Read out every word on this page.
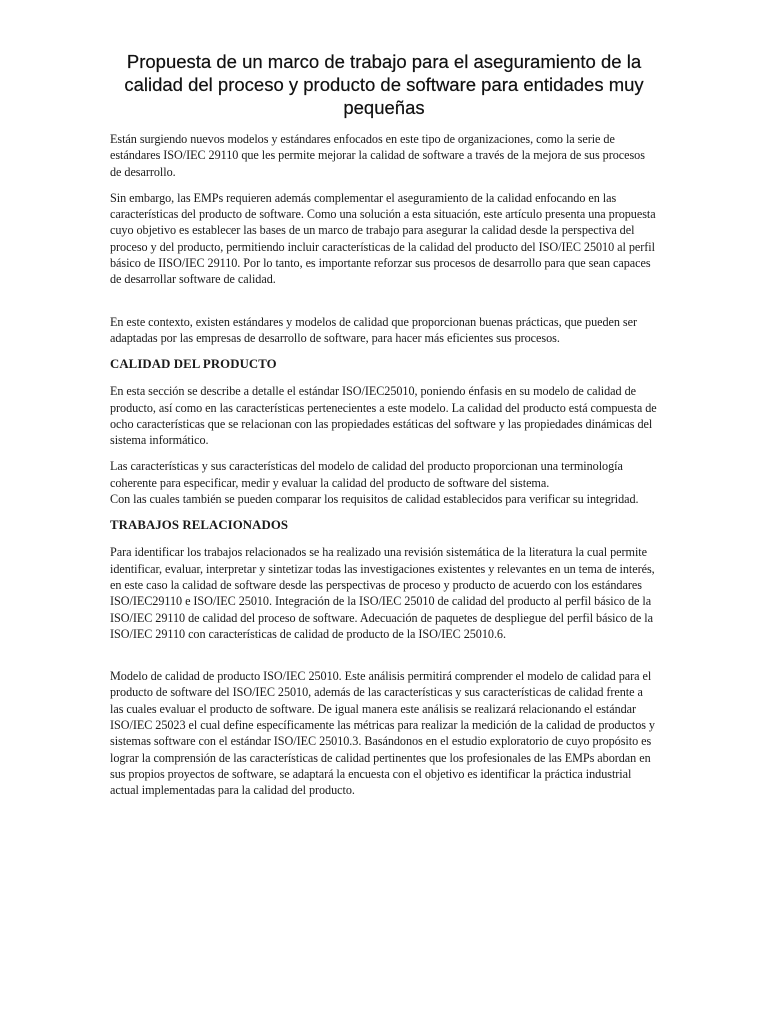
Propuesta de un marco de trabajo para el aseguramiento de la calidad del proceso y producto de software para entidades muy pequeñas

Están surgiendo nuevos modelos y estándares enfocados en este tipo de organizaciones, como la serie de estándares ISO/IEC 29110 que les permite mejorar la calidad de software a través de la mejora de sus procesos de desarrollo.

Sin embargo, las EMPs requieren además complementar el aseguramiento de la calidad enfocando en las características del producto de software. Como una solución a esta situación, este artículo presenta una propuesta cuyo objetivo es establecer las bases de un marco de trabajo para asegurar la calidad desde la perspectiva del proceso y del producto, permitiendo incluir características de la calidad del producto del ISO/IEC 25010 al perfil básico de IISO/IEC 29110. Por lo tanto, es importante reforzar sus procesos de desarrollo para que sean capaces de desarrollar software de calidad.

En este contexto, existen estándares y modelos de calidad que proporcionan buenas prácticas, que pueden ser adaptadas por las empresas de desarrollo de software, para hacer más eficientes sus procesos.

CALIDAD DEL PRODUCTO

En esta sección se describe a detalle el estándar ISO/IEC25010, poniendo énfasis en su modelo de calidad de producto, así como en las características pertenecientes a este modelo. La calidad del producto está compuesta de ocho características que se relacionan con las propiedades estáticas del software y las propiedades dinámicas del sistema informático.

Las características y sus características del modelo de calidad del producto proporcionan una terminología coherente para especificar, medir y evaluar la calidad del producto de software del sistema.
Con las cuales también se pueden comparar los requisitos de calidad establecidos para verificar su integridad.

TRABAJOS RELACIONADOS

Para identificar los trabajos relacionados se ha realizado una revisión sistemática de la literatura la cual permite identificar, evaluar, interpretar y sintetizar todas las investigaciones existentes y relevantes en un tema de interés, en este caso la calidad de software desde las perspectivas de proceso y producto de acuerdo con los estándares ISO/IEC29110 e ISO/IEC 25010. Integración de la ISO/IEC 25010 de calidad del producto al perfil básico de la ISO/IEC 29110 de calidad del proceso de software. Adecuación de paquetes de despliegue del perfil básico de la ISO/IEC 29110 con características de calidad de producto de la ISO/IEC 25010.6.

Modelo de calidad de producto ISO/IEC 25010. Este análisis permitirá comprender el modelo de calidad para el producto de software del ISO/IEC 25010, además de las características y sus características de calidad frente a las cuales evaluar el producto de software. De igual manera este análisis se realizará relacionando el estándar ISO/IEC 25023 el cual define específicamente las métricas para realizar la medición de la calidad de productos y sistemas software con el estándar ISO/IEC 25010.3. Basándonos en el estudio exploratorio de cuyo propósito es lograr la comprensión de las características de calidad pertinentes que los profesionales de las EMPs abordan en sus propios proyectos de software, se adaptará la encuesta con el objetivo es identificar la práctica industrial actual implementadas para la calidad del producto.
